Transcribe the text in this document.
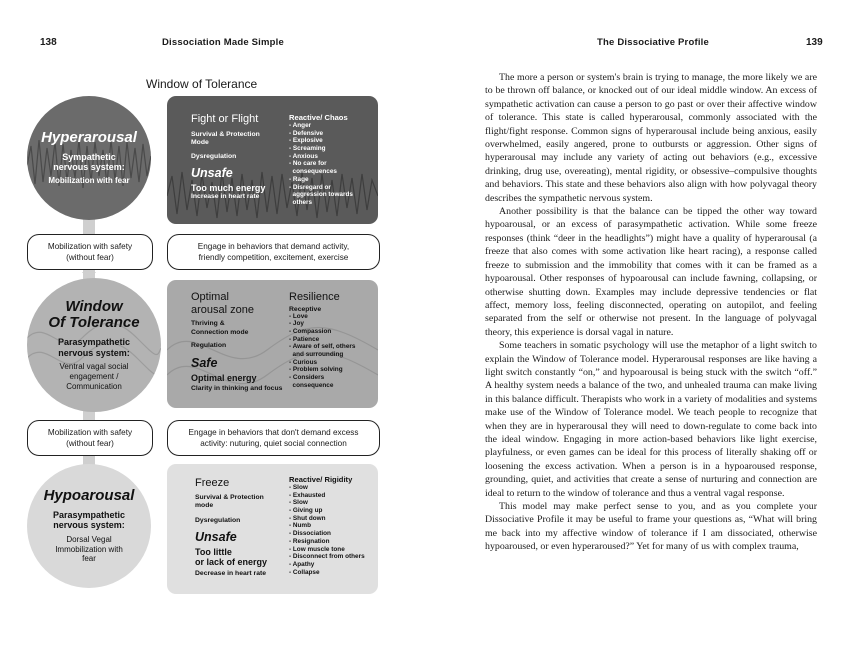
138	Dissociation Made Simple	The Dissociative Profile	139
Window of Tolerance
Hyperarousal
Sympathetic nervous system:
Mobilization with fear
Fight or Flight
Survival & Protection Mode
Dysregulation
Unsafe
Too much energy
Increase in heart rate
Reactive/ Chaos
- Anger
- Defensive
- Explosive
- Screaming
- Anxious
- No care for
consequences
- Rage
- Disregard or
aggression towards
others
Mobilization with safety
(without fear)
Engage in behaviors that demand activity,
friendly competition, excitement, exercise
Window
Of Tolerance
Parasympathetic nervous system:
Ventral vagal social engagement / Communication
Optimal
arousal zone
Thriving & Connection mode
Regulation
Safe
Optimal energy
Clarity in thinking and focus
Resilience
Receptive
- Love
- Joy
- Compassion
- Patience
- Aware of self, others
and surrounding
- Curious
- Problem solving
- Considers
consequence
Mobilization with safety
(without fear)
Engage in behaviors that don't demand excess
activity: nuturing, quiet social connection
Hypoarousal
Parasympathetic nervous system:
Dorsal Vegal Immobilization with fear
Freeze
Survival & Protection mode
Dysregulation
Unsafe
Too little
or lack of energy
Decrease in heart rate
Reactive/ Rigidity
- Slow
- Exhausted
- Slow
- Giving up
- Shut down
- Numb
- Dissociation
- Resignation
- Low muscle tone
- Disconnect from others
- Apathy
- Collapse

The more a person or system's brain is trying to manage, the more likely we are to be thrown off balance, or knocked out of our ideal middle window. An excess of sympathetic activation can cause a person to go past or over their affective window of tolerance. This state is called hyperarousal, commonly associated with the flight/fight response. Common signs of hyperarousal include being anxious, easily overwhelmed, easily angered, prone to outbursts or aggression. Other signs of hyperarousal may include any variety of acting out behaviors (e.g., excessive drinking, drug use, overeating), mental rigidity, or obsessive–compulsive thoughts and behaviors. This state and these behaviors also align with how polyvagal theory describes the sympathetic nervous system.

Another possibility is that the balance can be tipped the other way toward hypoarousal, or an excess of parasympathetic activation. While some freeze responses (think “deer in the headlights”) might have a quality of hyperarousal (a freeze that also comes with some activation like heart racing), a response called freeze to submission and the immobility that comes with it can be framed as a hypoarousal. Other responses of hypoarousal can include fawning, collapsing, or otherwise shutting down. Examples may include depressive tendencies or flat affect, memory loss, feeling disconnected, operating on autopilot, and feeling separated from the self or otherwise not present. In the language of polyvagal theory, this experience is dorsal vagal in nature.

Some teachers in somatic psychology will use the metaphor of a light switch to explain the Window of Tolerance model. Hyperarousal responses are like having a light switch constantly “on,” and hypoarousal is being stuck with the switch “off.” A healthy system needs a balance of the two, and unhealed trauma can make living in this balance difficult. Therapists who work in a variety of modalities and systems make use of the Window of Tolerance model. We teach people to recognize that when they are in hyperarousal they will need to down-regulate to come back into the ideal window. Engaging in more action-based behaviors like light exercise, playfulness, or even games can be ideal for this process of literally shaking off or loosening the excess activation. When a person is in a hypoaroused response, grounding, quiet, and activities that create a sense of nurturing and connection are ideal to return to the window of tolerance and thus a ventral vagal response.

This model may make perfect sense to you, and as you complete your Dissociative Profile it may be useful to frame your questions as, “What will bring me back into my affective window of tolerance if I am dissociated, otherwise hypoaroused, or even hyperaroused?” Yet for many of us with complex trauma,
